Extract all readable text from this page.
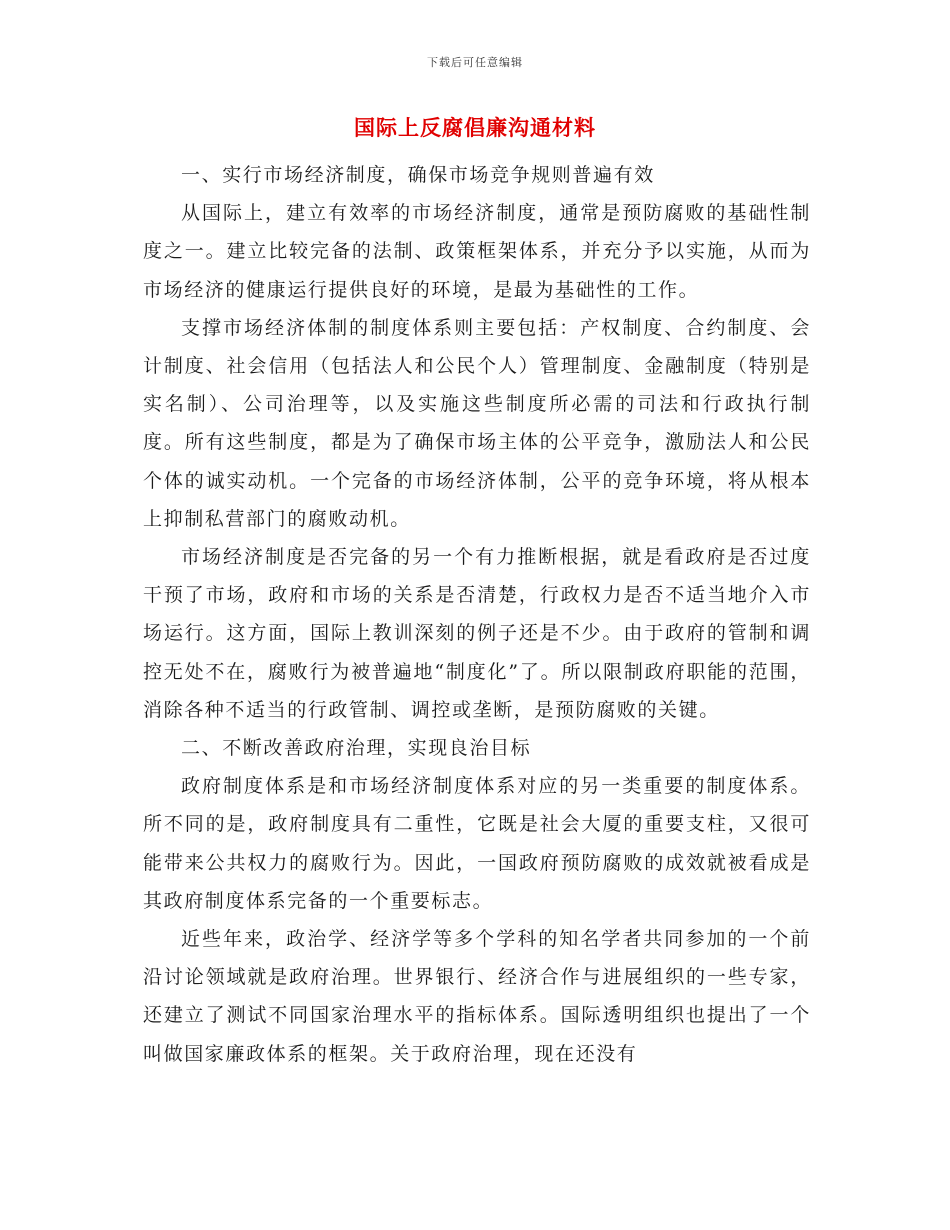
下载后可任意编辑
国际上反腐倡廉沟通材料

一、实行市场经济制度，确保市场竞争规则普遍有效

从国际上，建立有效率的市场经济制度，通常是预防腐败的基础性制度之一。建立比较完备的法制、政策框架体系，并充分予以实施，从而为市场经济的健康运行提供良好的环境，是最为基础性的工作。

支撑市场经济体制的制度体系则主要包括：产权制度、合约制度、会计制度、社会信用（包括法人和公民个人）管理制度、金融制度（特别是实名制）、公司治理等，以及实施这些制度所必需的司法和行政执行制度。所有这些制度，都是为了确保市场主体的公平竞争，激励法人和公民个体的诚实动机。一个完备的市场经济体制，公平的竞争环境，将从根本上抑制私营部门的腐败动机。

市场经济制度是否完备的另一个有力推断根据，就是看政府是否过度干预了市场，政府和市场的关系是否清楚，行政权力是否不适当地介入市场运行。这方面，国际上教训深刻的例子还是不少。由于政府的管制和调控无处不在，腐败行为被普遍地“制度化”了。所以限制政府职能的范围，消除各种不适当的行政管制、调控或垄断，是预防腐败的关键。

二、不断改善政府治理，实现良治目标

政府制度体系是和市场经济制度体系对应的另一类重要的制度体系。所不同的是，政府制度具有二重性，它既是社会大厦的重要支柱，又很可能带来公共权力的腐败行为。因此，一国政府预防腐败的成效就被看成是其政府制度体系完备的一个重要标志。

近些年来，政治学、经济学等多个学科的知名学者共同参加的一个前沿讨论领域就是政府治理。世界银行、经济合作与进展组织的一些专家，还建立了测试不同国家治理水平的指标体系。国际透明组织也提出了一个叫做国家廉政体系的框架。关于政府治理，现在还没有
